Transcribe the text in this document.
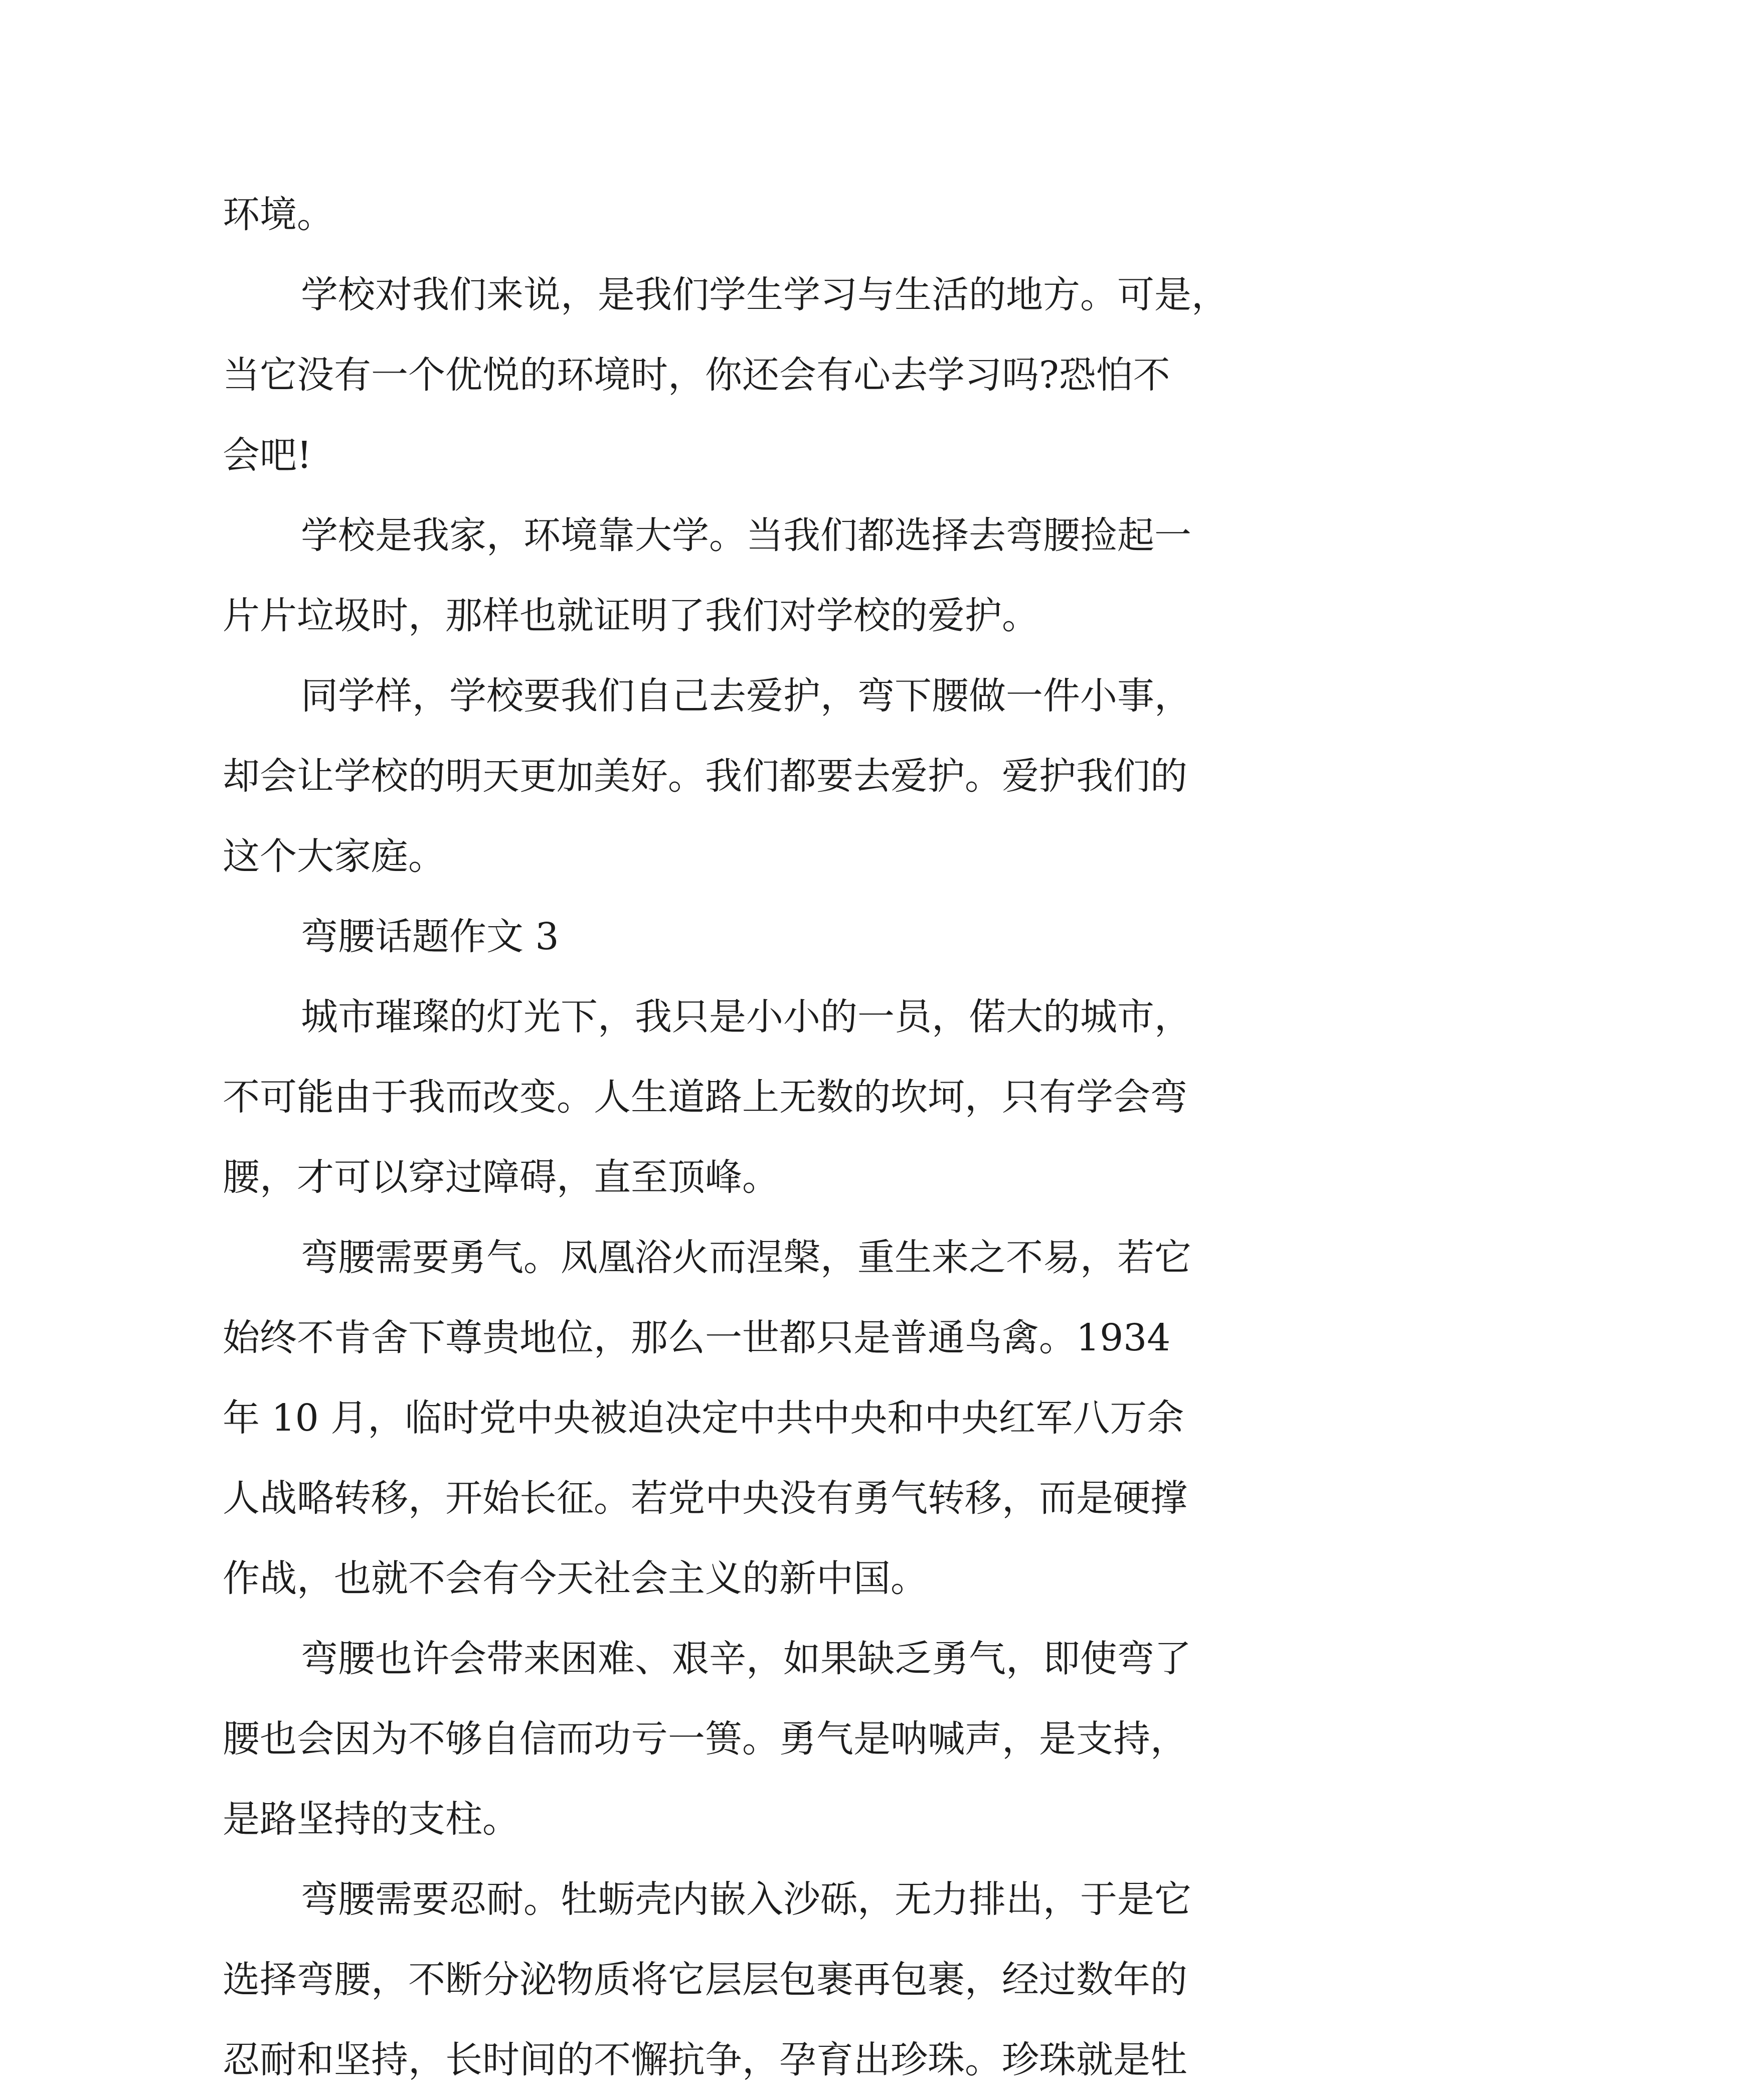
环境。

学校对我们来说，是我们学生学习与生活的地方。可是，

当它没有一个优悦的环境时，你还会有心去学习吗?恐怕不

会吧!

学校是我家，环境靠大学。当我们都选择去弯腰捡起一

片片垃圾时，那样也就证明了我们对学校的爱护。

同学样，学校要我们自己去爱护，弯下腰做一件小事，

却会让学校的明天更加美好。我们都要去爱护。爱护我们的

这个大家庭。

弯腰话题作文 3

城市璀璨的灯光下，我只是小小的一员，偌大的城市，

不可能由于我而改变。人生道路上无数的坎坷，只有学会弯

腰，才可以穿过障碍，直至顶峰。

弯腰需要勇气。凤凰浴火而涅槃，重生来之不易，若它

始终不肯舍下尊贵地位，那么一世都只是普通鸟禽。1934

年 10 月，临时党中央被迫决定中共中央和中央红军八万余

人战略转移，开始长征。若党中央没有勇气转移，而是硬撑

作战，也就不会有今天社会主义的新中国。

弯腰也许会带来困难、艰辛，如果缺乏勇气，即使弯了

腰也会因为不够自信而功亏一篑。勇气是呐喊声，是支持，

是路坚持的支柱。

弯腰需要忍耐。牡蛎壳内嵌入沙砾，无力排出，于是它

选择弯腰，不断分泌物质将它层层包裹再包裹，经过数年的

忍耐和坚持，长时间的不懈抗争，孕育出珍珠。珍珠就是牡
